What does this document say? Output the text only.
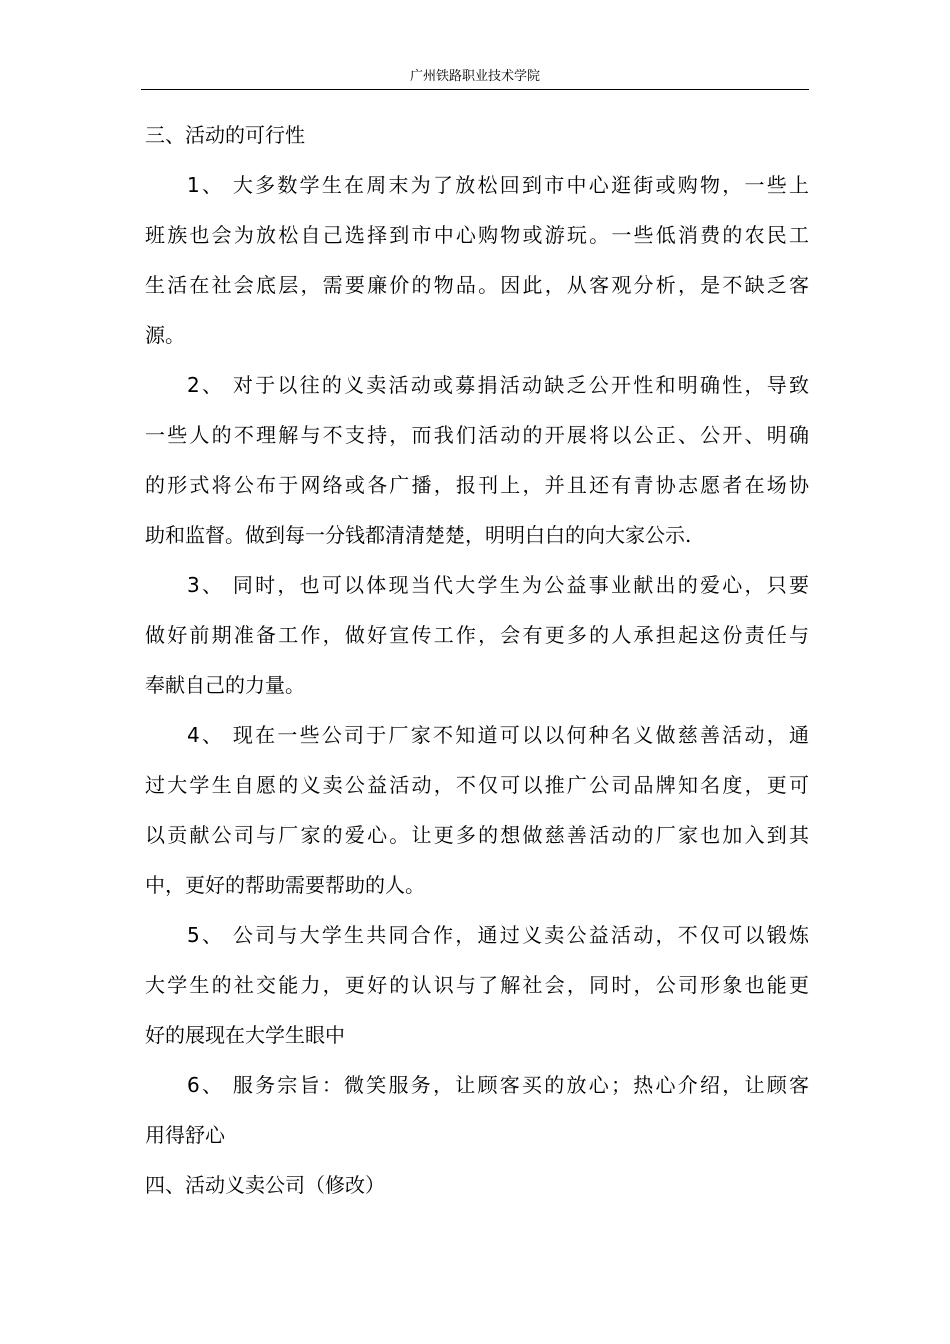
广州铁路职业技术学院
三、活动的可行性
1、 大多数学生在周末为了放松回到市中心逛街或购物，一些上
班族也会为放松自己选择到市中心购物或游玩。一些低消费的农民工
生活在社会底层，需要廉价的物品。因此，从客观分析，是不缺乏客
源。
2、 对于以往的义卖活动或募捐活动缺乏公开性和明确性，导致
一些人的不理解与不支持，而我们活动的开展将以公正、公开、明确
的形式将公布于网络或各广播，报刊上，并且还有青协志愿者在场协
助和监督。做到每一分钱都清清楚楚，明明白白的向大家公示.
3、 同时，也可以体现当代大学生为公益事业献出的爱心，只要
做好前期准备工作，做好宣传工作，会有更多的人承担起这份责任与
奉献自己的力量。
4、 现在一些公司于厂家不知道可以以何种名义做慈善活动，通
过大学生自愿的义卖公益活动，不仅可以推广公司品牌知名度，更可
以贡献公司与厂家的爱心。让更多的想做慈善活动的厂家也加入到其
中，更好的帮助需要帮助的人。
5、 公司与大学生共同合作，通过义卖公益活动，不仅可以锻炼
大学生的社交能力，更好的认识与了解社会，同时，公司形象也能更
好的展现在大学生眼中
6、 服务宗旨：微笑服务，让顾客买的放心；热心介绍，让顾客
用得舒心
四、活动义卖公司（修改）
